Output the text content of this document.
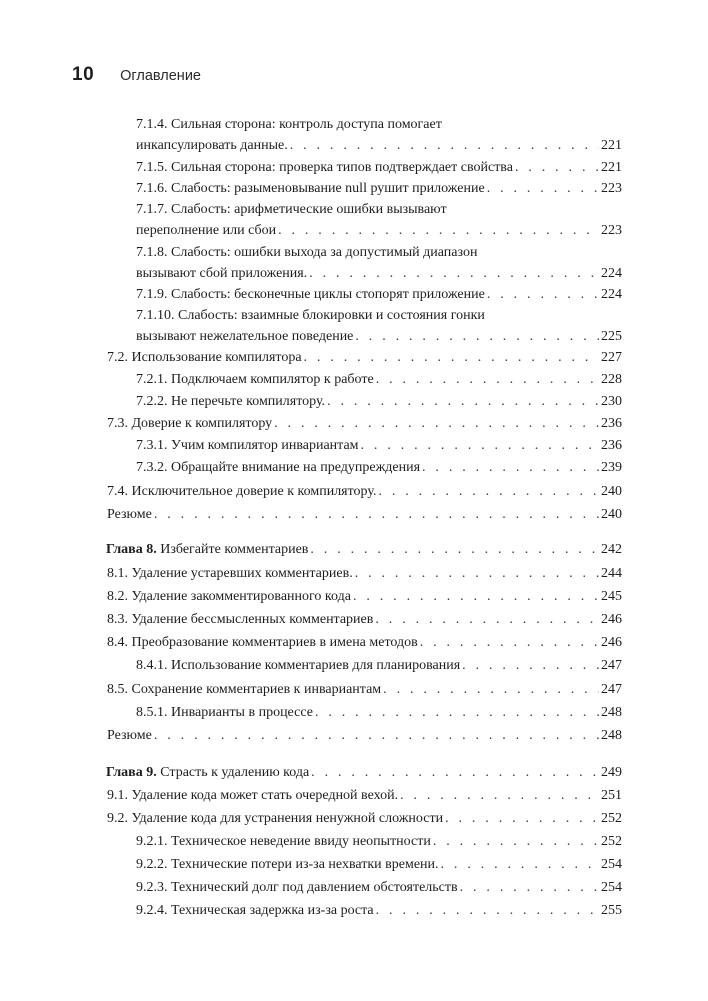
10 Оглавление
7.1.4. Сильная сторона: контроль доступа помогает
инкапсулировать данные. . . .	221
7.1.5. Сильная сторона: проверка типов подтверждает свойства . . .	221
7.1.6. Слабость: разыменовывание null рушит приложение . . .	223
7.1.7. Слабость: арифметические ошибки вызывают
переполнение или сбои . . .	223
7.1.8. Слабость: ошибки выхода за допустимый диапазон
вызывают сбой приложения. . . .	224
7.1.9. Слабость: бесконечные циклы стопорят приложение . . .	224
7.1.10. Слабость: взаимные блокировки и состояния гонки
вызывают нежелательное поведение . . .	225
7.2. Использование компилятора . . .	227
7.2.1. Подключаем компилятор к работе . . .	228
7.2.2. Не перечьте компилятору. . . .	230
7.3. Доверие к компилятору . . .	236
7.3.1. Учим компилятор инвариантам . . .	236
7.3.2. Обращайте внимание на предупреждения . . .	239
7.4. Исключительное доверие к компилятору. . . .	240
Резюме . . .	240
Глава 8. Избегайте комментариев . . .	242
8.1. Удаление устаревших комментариев. . . .	244
8.2. Удаление закомментированного кода . . .	245
8.3. Удаление бессмысленных комментариев . . .	246
8.4. Преобразование комментариев в имена методов . . .	246
8.4.1. Использование комментариев для планирования . . .	247
8.5. Сохранение комментариев к инвариантам . . .	247
8.5.1. Инварианты в процессе . . .	248
Резюме . . .	248
Глава 9. Страсть к удалению кода . . .	249
9.1. Удаление кода может стать очередной вехой. . . .	251
9.2. Удаление кода для устранения ненужной сложности . . .	252
9.2.1. Техническое неведение ввиду неопытности . . .	252
9.2.2. Технические потери из-за нехватки времени. . . .	254
9.2.3. Технический долг под давлением обстоятельств . . .	254
9.2.4. Техническая задержка из-за роста . . .	255
